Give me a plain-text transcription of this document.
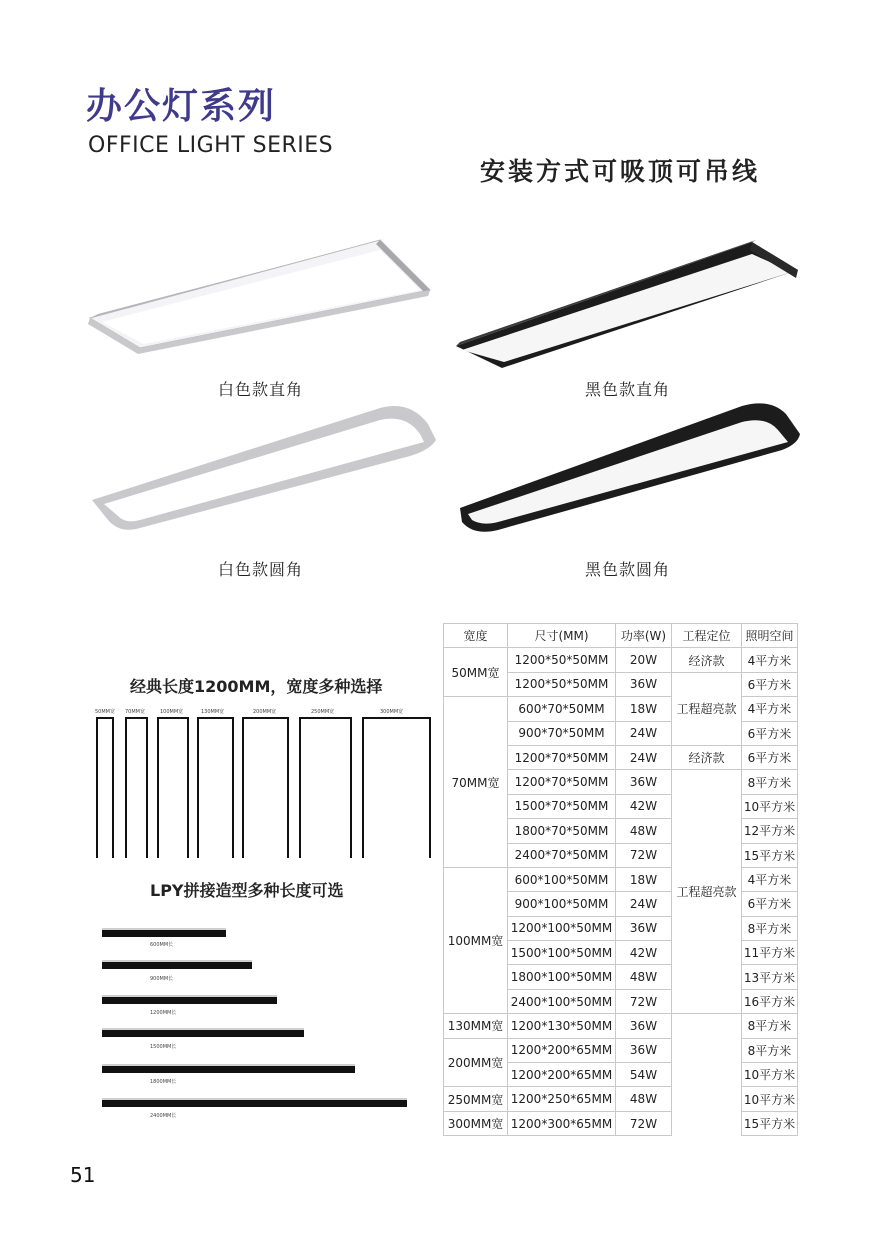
办公灯系列
OFFICE LIGHT SERIES
安装方式可吸顶可吊线
白色款直角	黑色款直角
白色款圆角	黑色款圆角
经典长度1200MM，宽度多种选择
50MM宽 70MM宽	100MM宽	130MM宽	200MM宽	250MM宽	300MM宽
LPY拼接造型多种长度可选
600MM长
900MM长
1200MM长
1500MM长
1800MM长
2400MM长
宽度	尺寸(MM)	功率(W)	工程定位	照明空间
50MM宽	1200*50*50MM	20W	经济款	4平方米
	1200*50*50MM	36W	工程超亮款	6平方米
70MM宽	600*70*50MM	18W		4平方米
	900*70*50MM	24W		6平方米
	1200*70*50MM	24W	经济款	6平方米
	1200*70*50MM	36W	工程超亮款	8平方米
	1500*70*50MM	42W		10平方米
	1800*70*50MM	48W		12平方米
	2400*70*50MM	72W		15平方米
100MM宽	600*100*50MM	18W		4平方米
	900*100*50MM	24W		6平方米
	1200*100*50MM	36W		8平方米
	1500*100*50MM	42W		11平方米
	1800*100*50MM	48W		13平方米
	2400*100*50MM	72W		16平方米
130MM宽	1200*130*50MM	36W		8平方米
200MM宽	1200*200*65MM	36W		8平方米
	1200*200*65MM	54W		10平方米
250MM宽	1200*250*65MM	48W		10平方米
300MM宽	1200*300*65MM	72W		15平方米
51
